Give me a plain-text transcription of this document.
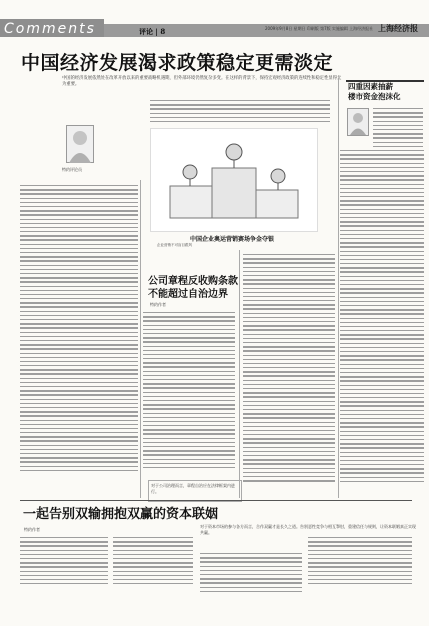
Comments	评论 | 8	2009年9月8日 星期日 印刷版 第7版 实施编辑 上海经济报社 上海经济报
中国经济发展渴求政策稳定更需淡定
中国的经济发展依然处在改革开放以来的重要战略机遇期，但外部环境仍然复杂多变。在这样的背景下，保持宏观经济政策的连续性和稳定性显得尤为重要。	四重因素抽薪
楼市资金泡沫化
特约评论员
中国企业奥运营销赛场争金夺银
企业营销不可盲目跟风
公司章程反收购条款
不能超过自治边界
特约作者
对于公司治理而言，章程自治应在法律框架内进行。
一起告别双输拥抱双赢的资本联姻
特约作者
对于资本市场的参与各方而言，合作双赢才是长久之道。告别恶性竞争与相互掣肘，重建信任与规则，让资本联姻真正实现共赢。
